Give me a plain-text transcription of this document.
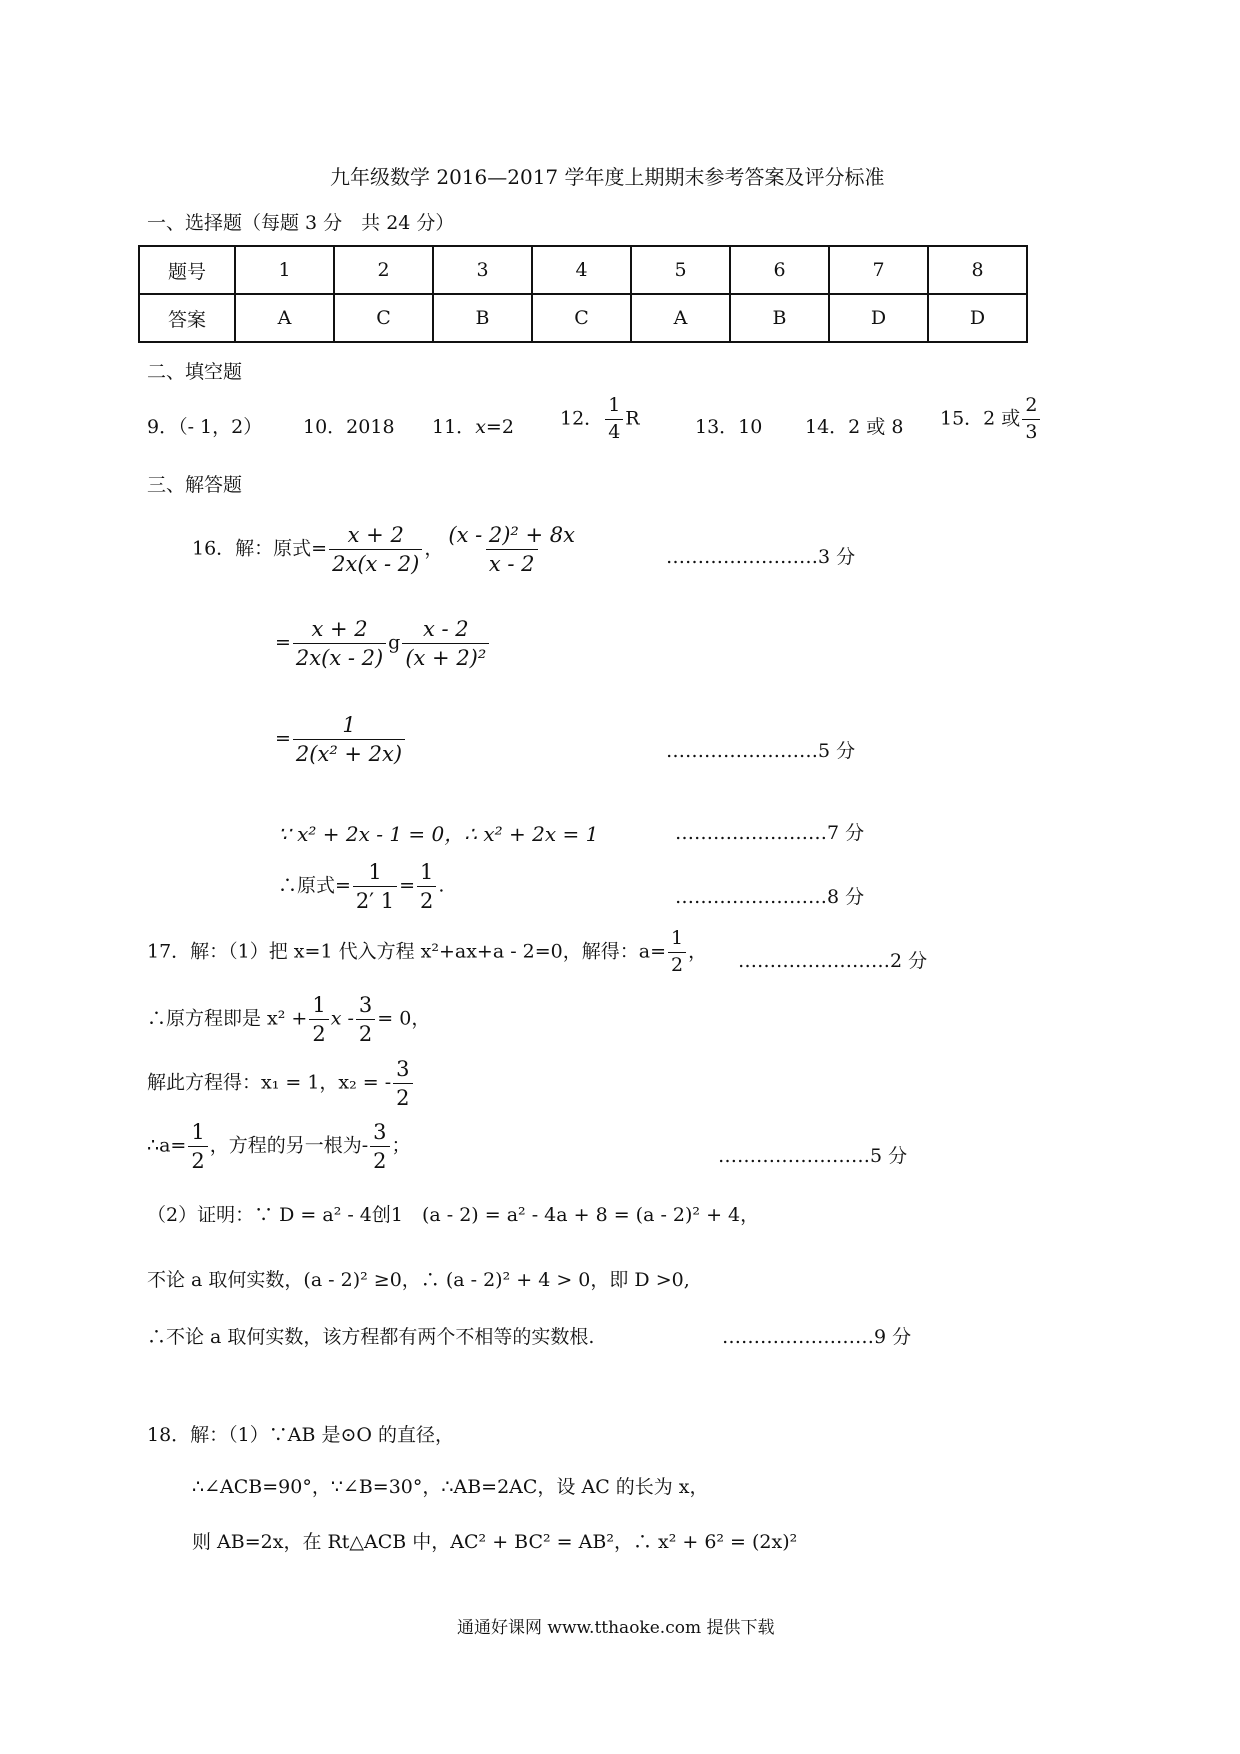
九年级数学 2016—2017 学年度上期期末参考答案及评分标准
一、选择题（每题 3 分　共 24 分）
题号	1	2	3	4	5	6	7	8
答案	A	C	B	C	A	B	D	D
二、填空题
9．（- 1，2） 10．2018 11．x=2 12． $\frac{1}{4}$ R	13．10 14．2 或 8 15．2 或 $\frac{2}{3}$
三、解答题
16．解：原式= $\frac{x + 2}{2x(x - 2)}$ ， $\frac{\text{(x - 2)² + 8x}}{x - 2}$	……………………3 分
= $\frac{x + 2}{2x(x - 2)}$ g $\frac{x - 2}{\text{(x + 2)²}}$
= $\frac{1}{\text{2(x² + 2x)}}$	……………………5 分
∵ x² + 2x - 1 = 0，∴ x² + 2x = 1	……………………7 分
∴原式= $\frac{1}{2' 1} = \frac{1}{2}$ .
……………………8 分
17．解：（1）把 x=1 代入方程 x²+ax+a - 2=0，解得：$a= \frac{1}{2}$ ， ……………………2 分
∴原方程即是 $x^2 + \frac{1}{2}$ $x - \frac{3}{2} = 0$，
解此方程得：x₁ = 1，x₂ = - $\frac{3}{2}$
∴a= $\frac{1}{2}$ ，方程的另一根为- $\frac{3}{2}$ ；	……………………5 分
（2）证明：∵ D = a² - 4创1　(a - 2) = a² - 4a + 8 = (a - 2)² + 4，
不论 a 取何实数，(a - 2)² ≥0，∴ (a - 2)² + 4 > 0，即 D >0,
∴不论 a 取何实数，该方程都有两个不相等的实数根.	……………………9 分
18．解：（1）∵AB 是⊙O 的直径，
∴∠ACB=90°，∵∠B=30°，∴AB=2AC，设 AC 的长为 x，
则 AB=2x，在 Rt△ACB 中，AC² + BC² = AB²，∴ x² + 6² = (2x)²
通通好课网 www.tthaoke.com 提供下载
